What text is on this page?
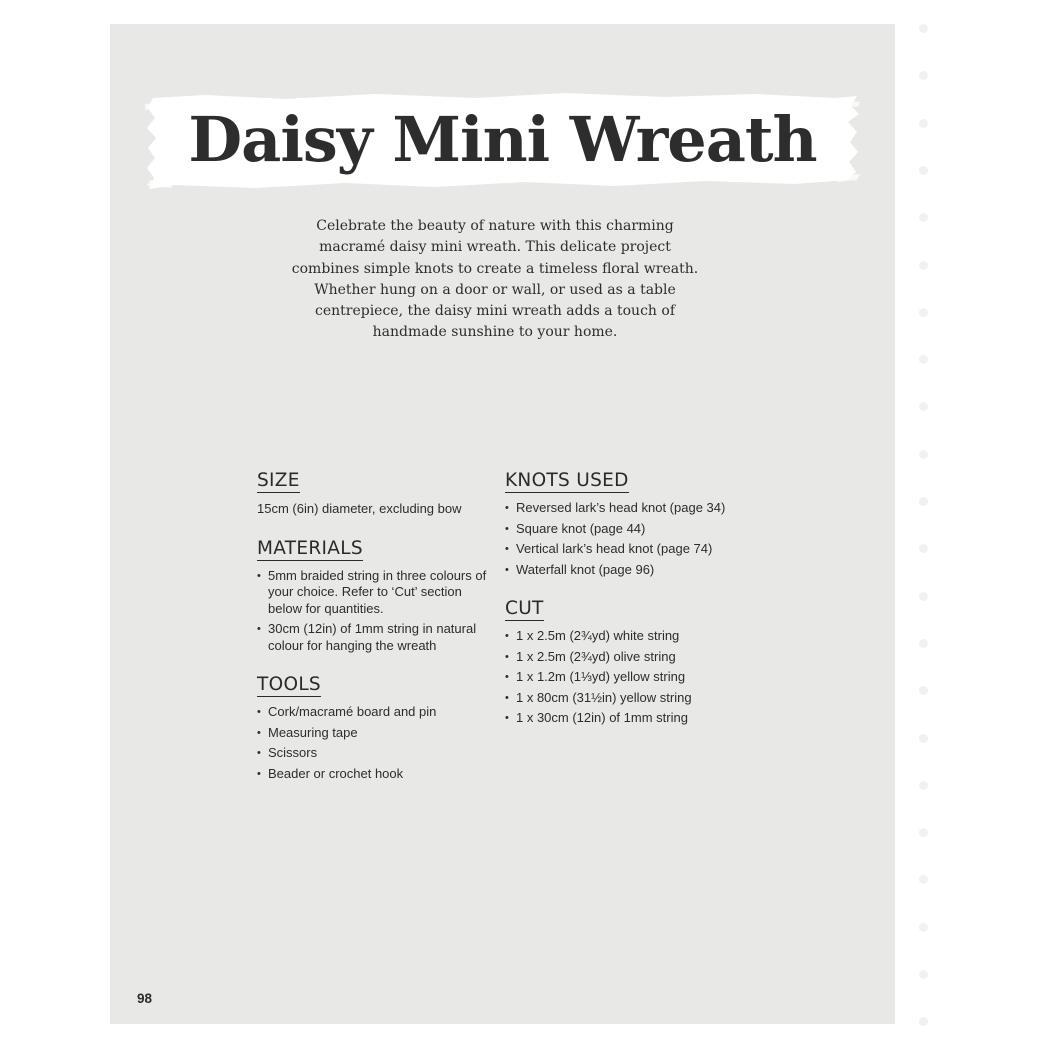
Daisy Mini Wreath

Celebrate the beauty of nature with this charming macramé daisy mini wreath. This delicate project combines simple knots to create a timeless floral wreath. Whether hung on a door or wall, or used as a table centrepiece, the daisy mini wreath adds a touch of handmade sunshine to your home.

SIZE

15cm (6in) diameter, excluding bow

MATERIALS
• 5mm braided string in three colours of your choice. Refer to ‘Cut’ section below for quantities.
• 30cm (12in) of 1mm string in natural colour for hanging the wreath
TOOLS
• Cork/macramé board and pin
• Measuring tape
• Scissors
• Beader or crochet hook
KNOTS USED
• Reversed lark’s head knot (page 34)
• Square knot (page 44)
• Vertical lark’s head knot (page 74)
• Waterfall knot (page 96)
CUT
• 1 x 2.5m (2¾yd) white string
• 1 x 2.5m (2¾yd) olive string
• 1 x 1.2m (1⅓yd) yellow string
• 1 x 80cm (31½in) yellow string
• 1 x 30cm (12in) of 1mm string
98
